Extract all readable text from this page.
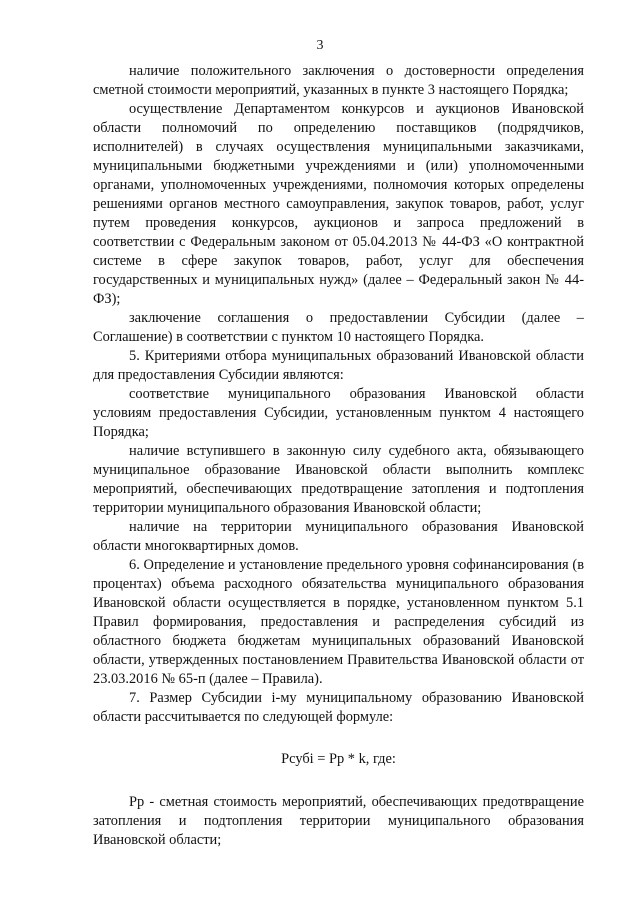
3

наличие положительного заключения о достоверности определения сметной стоимости мероприятий, указанных в пункте 3 настоящего Порядка;

осуществление Департаментом конкурсов и аукционов Ивановской области полномочий по определению поставщиков (подрядчиков, исполнителей) в случаях осуществления муниципальными заказчиками, муниципальными бюджетными учреждениями и (или) уполномоченными органами, уполномоченных учреждениями, полномочия которых определены решениями органов местного самоуправления, закупок товаров, работ, услуг путем проведения конкурсов, аукционов и запроса предложений в соответствии с Федеральным законом от 05.04.2013 № 44-ФЗ «О контрактной системе в сфере закупок товаров, работ, услуг для обеспечения государственных и муниципальных нужд» (далее – Федеральный закон № 44-ФЗ);

заключение соглашения о предоставлении Субсидии (далее – Соглашение) в соответствии с пунктом 10 настоящего Порядка.

5. Критериями отбора муниципальных образований Ивановской области для предоставления Субсидии являются:

соответствие муниципального образования Ивановской области условиям предоставления Субсидии, установленным пунктом 4 настоящего Порядка;

наличие вступившего в законную силу судебного акта, обязывающего муниципальное образование Ивановской области выполнить комплекс мероприятий, обеспечивающих предотвращение затопления и подтопления территории муниципального образования Ивановской области;

наличие на территории муниципального образования Ивановской области многоквартирных домов.

6. Определение и установление предельного уровня софинансирования (в процентах) объема расходного обязательства муниципального образования Ивановской области осуществляется в порядке, установленном пунктом 5.1 Правил формирования, предоставления и распределения субсидий из областного бюджета бюджетам муниципальных образований Ивановской области, утвержденных постановлением Правительства Ивановской области от 23.03.2016 № 65-п (далее – Правила).

7. Размер Субсидии i-му муниципальному образованию Ивановской области рассчитывается по следующей формуле:

Рсубi = Рр * k, где:

Рр - сметная стоимость мероприятий, обеспечивающих предотвращение затопления и подтопления территории муниципального образования Ивановской области;
